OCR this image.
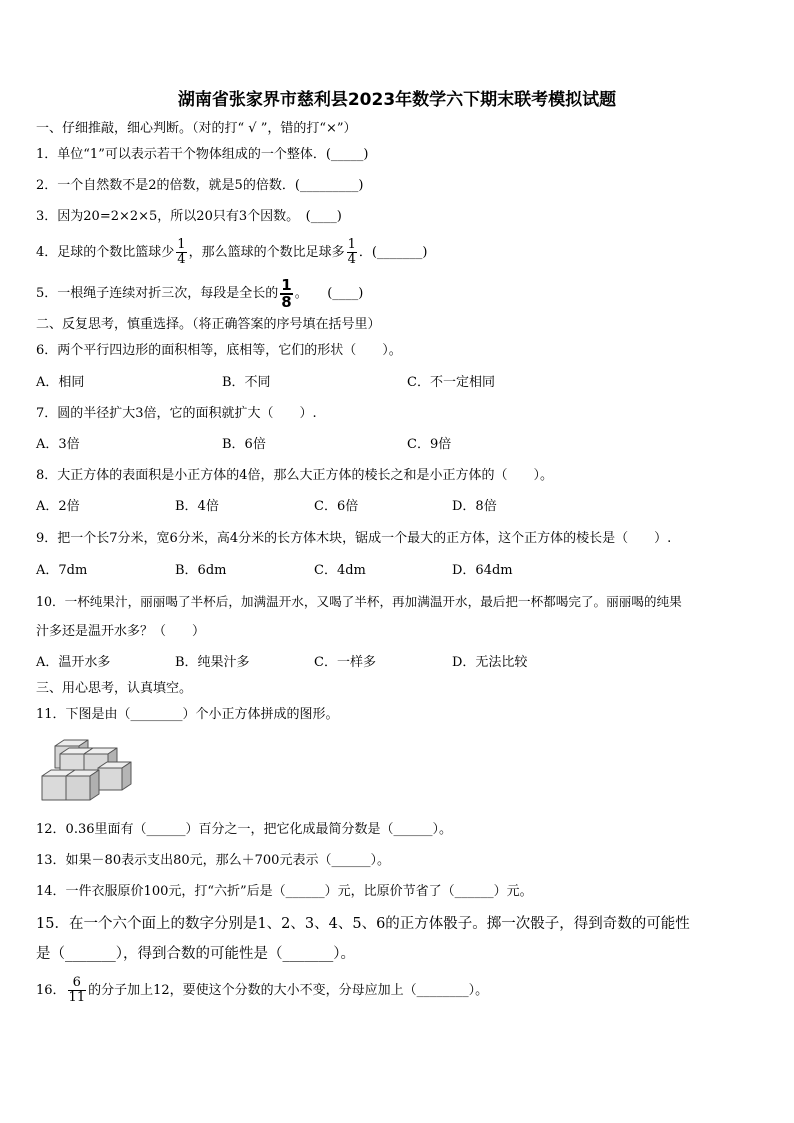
湖南省张家界市慈利县2023年数学六下期末联考模拟试题
一、仔细推敲，细心判断。（对的打“ √ ”，错的打“×”）
1．单位“1”可以表示若干个物体组成的一个整体．(_____)
2．一个自然数不是2的倍数，就是5的倍数．(_________)
3．因为20=2×2×5，所以20只有3个因数。　(____)
4．足球的个数比篮球少 $\frac{1}{4}$ ，那么篮球的个数比足球多 $\frac{1}{4}$ ．(_______)
5．一根绳子连续对折三次，每段是全长的 $\frac{1}{8}$ 。　　(____)
二、反复思考，慎重选择。（将正确答案的序号填在括号里）
6．两个平行四边形的面积相等，底相等，它们的形状（　　）。
A．相同	B．不同	C．不一定相同
7．圆的半径扩大3倍，它的面积就扩大（　　）.
A．3倍	B．6倍	C．9倍
8．大正方体的表面积是小正方体的4倍，那么大正方体的棱长之和是小正方体的（　　）。
A．2倍	B．4倍	C．6倍	D．8倍
9．把一个长7分米，宽6分米，高4分米的长方体木块，锯成一个最大的正方体，这个正方体的棱长是（　　）.
A．7dm	B．6dm	C．4dm	D．64dm
10．一杯纯果汁，丽丽喝了半杯后，加满温开水，又喝了半杯，再加满温开水，最后把一杯都喝完了。丽丽喝的纯果
汁多还是温开水多？（　　）
A．温开水多	B．纯果汁多	C．一样多	D．无法比较
三、用心思考，认真填空。
11．下图是由（________）个小正方体拼成的图形。
12．0.36里面有（______）百分之一，把它化成最简分数是（______）。
13．如果－80表示支出80元，那么＋700元表示（______）。
14．一件衣服原价100元，打“六折”后是（______）元，比原价节省了（______）元。
15．在一个六个面上的数字分别是1、2、3、4、5、6的正方体骰子。掷一次骰子，得到奇数的可能性
是（_______），得到合数的可能性是（_______）。
16． $\frac{6}{11}$ 的分子加上12，要使这个分数的大小不变，分母应加上（________）。
